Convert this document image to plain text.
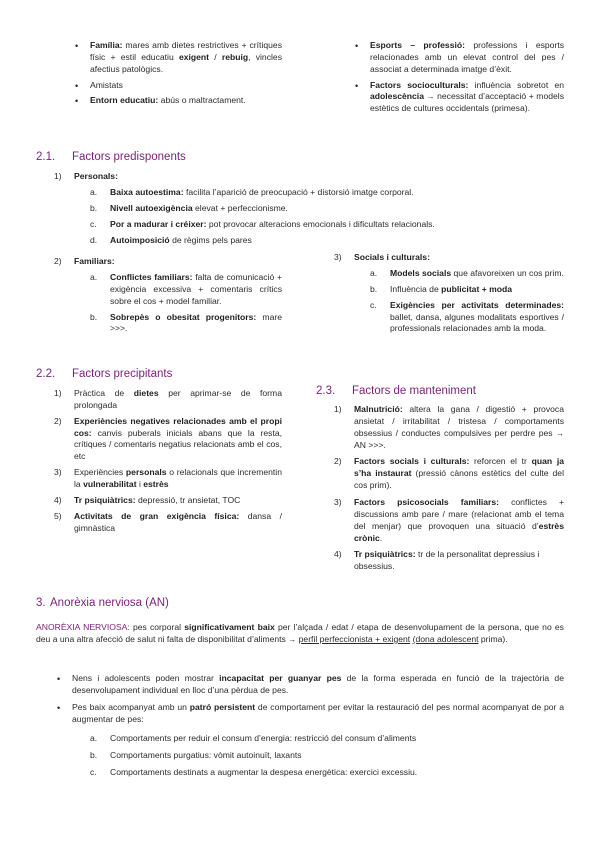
• Família: mares amb dietes restrictives + crítiques físic + estil educatiu exigent / rebuig, vincles afectius patològics.
• Amistats
• Entorn educatiu: abús o maltractament.
• Esports – professió: professions i esports relacionades amb un elevat control del pes / associat a determinada imatge d’èxit.
• Factors socioculturals: influència sobretot en adolescència → necessitat d’acceptació + models estètics de cultures occidentals (primesa).
2.1. Factors predisponents
1) Personals:
a. Baixa autoestima: facilita l’aparició de preocupació + distorsió imatge corporal.
b. Nivell autoexigència elevat + perfeccionisme.
c. Por a madurar i créixer: pot provocar alteracions emocionals i dificultats relacionals.
d. Autoimposició de règims pels pares
2) Familiars:
a. Conflictes familiars: falta de comunicació + exigència excessiva + comentaris crítics sobre el cos + model familiar.
b. Sobrepès o obesitat progenitors: mare >>>.
3) Socials i culturals:
a. Models socials que afavoreixen un cos prim.
b. Influència de publicitat + moda
c. Exigències per activitats determinades: ballet, dansa, algunes modalitats esportives / professionals relacionades amb la moda.
2.2. Factors precipitants
1) Pràctica de dietes per aprimar-se de forma prolongada
2) Experiències negatives relacionades amb el propi cos: canvis puberals inicials abans que la resta, crítiques / comentaris negatius relacionats amb el cos, etc
3) Experiències personals o relacionals que incrementin la vulnerabilitat i estrès
4) Tr psiquiàtrics: depressió, tr ansietat, TOC
5) Activitats de gran exigència física: dansa / gimnàstica
2.3. Factors de manteniment
1) Malnutrició: altera la gana / digestió + provoca ansietat / irritabilitat / tristesa / comportaments obsessius / conductes compulsives per perdre pes → AN >>>.
2) Factors socials i culturals: reforcen el tr quan ja s’ha instaurat (pressió cànons estètics del culte del cos prim).
3) Factors psicosocials familiars: conflictes + discussions amb pare / mare (relacionat amb el tema del menjar) que provoquen una situació d’estrès crònic.
4) Tr psiquiàtrics: tr de la personalitat depressius i obsessius.
3. Anorèxia nerviosa (AN)
ANORÈXIA NERVIOSA: pes corporal significativament baix per l’alçada / edat / etapa de desenvolupament de la persona, que no es deu a una altra afecció de salut ni falta de disponibilitat d’aliments → perfil perfeccionista + exigent (dona adolescent prima).
• Nens i adolescents poden mostrar incapacitat per guanyar pes de la forma esperada en funció de la trajectòria de desenvolupament individual en lloc d’una pèrdua de pes.
• Pes baix acompanyat amb un patró persistent de comportament per evitar la restauració del pes normal acompanyat de por a augmentar de pes:
a. Comportaments per reduir el consum d’energia: restricció del consum d’aliments
b. Comportaments purgatius: vòmit autoinuït, laxants
c. Comportaments destinats a augmentar la despesa energètica: exercici excessiu.
